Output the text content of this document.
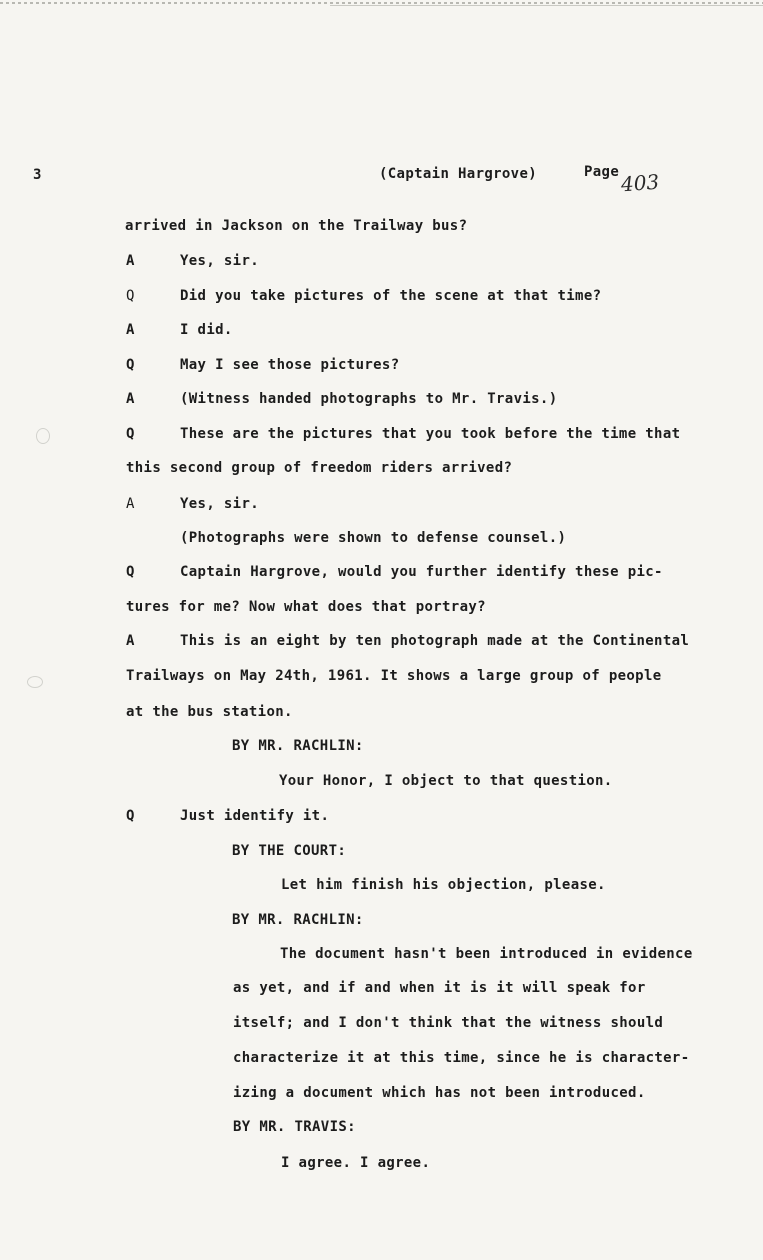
3	(Captain Hargrove)	Page 403
arrived in Jackson on the Trailway bus?
A	Yes, sir.
Q	Did you take pictures of the scene at that time?
A	I did.
Q	May I see those pictures?
A	(Witness handed photographs to Mr. Travis.)
Q	These are the pictures that you took before the time that
this second group of freedom riders arrived?
A	Yes, sir.
(Photographs were shown to defense counsel.)
Q	Captain Hargrove, would you further identify these pic-
tures for me? Now what does that portray?
A	This is an eight by ten photograph made at the Continental
Trailways on May 24th, 1961. It shows a large group of people
at the bus station.
BY MR. RACHLIN:
Your Honor, I object to that question.
Q	Just identify it.
BY THE COURT:
Let him finish his objection, please.
BY MR. RACHLIN:
The document hasn't been introduced in evidence
as yet, and if and when it is it will speak for
itself; and I don't think that the witness should
characterize it at this time, since he is character-
izing a document which has not been introduced.
BY MR. TRAVIS:
I agree. I agree.
